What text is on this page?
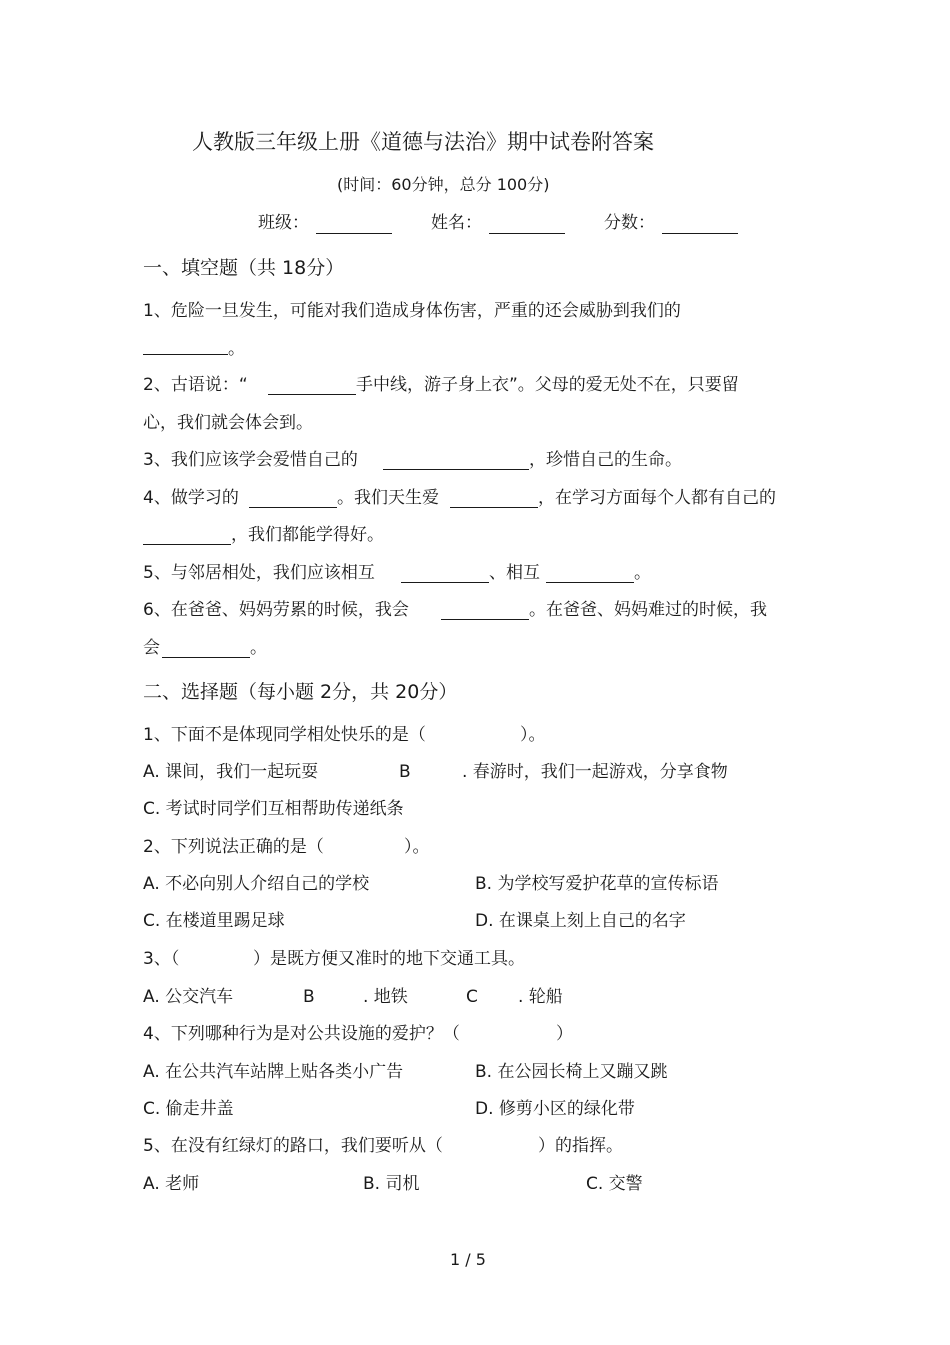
人教版三年级上册《道德与法治》期中试卷附答案
(时间：60分钟，总分 100分)
班级：	姓名：	分数：
一、填空题（共 18分）
1、危险一旦发生，可能对我们造成身体伤害，严重的还会威胁到我们的
。
2、古语说：“	手中线，游子身上衣”。父母的爱无处不在，只要留
心，我们就会体会到。
3、我们应该学会爱惜自己的	，珍惜自己的生命。
4、做学习的	。我们天生爱	，在学习方面每个人都有自己的
，我们都能学得好。
5、与邻居相处，我们应该相互	、相互	。
6、在爸爸、妈妈劳累的时候，我会	。在爸爸、妈妈难过的时候，我
会	。
二、选择题（每小题 2分，共 20分）
1、下面不是体现同学相处快乐的是（	）。
A. 课间，我们一起玩耍	B	. 春游时，我们一起游戏，分享食物
C. 考试时同学们互相帮助传递纸条
2、下列说法正确的是（	）。
A. 不必向别人介绍自己的学校	B. 为学校写爱护花草的宣传标语
C. 在楼道里踢足球	D. 在课桌上刻上自己的名字
3、（	）是既方便又准时的地下交通工具。
A. 公交汽车	B	. 地铁	C . 轮船
4、下列哪种行为是对公共设施的爱护？（	）
A. 在公共汽车站牌上贴各类小广告	B. 在公园长椅上又蹦又跳
C. 偷走井盖	D. 修剪小区的绿化带
5、在没有红绿灯的路口，我们要听从（	）的指挥。
A. 老师	B. 司机	C. 交警
1 / 5
